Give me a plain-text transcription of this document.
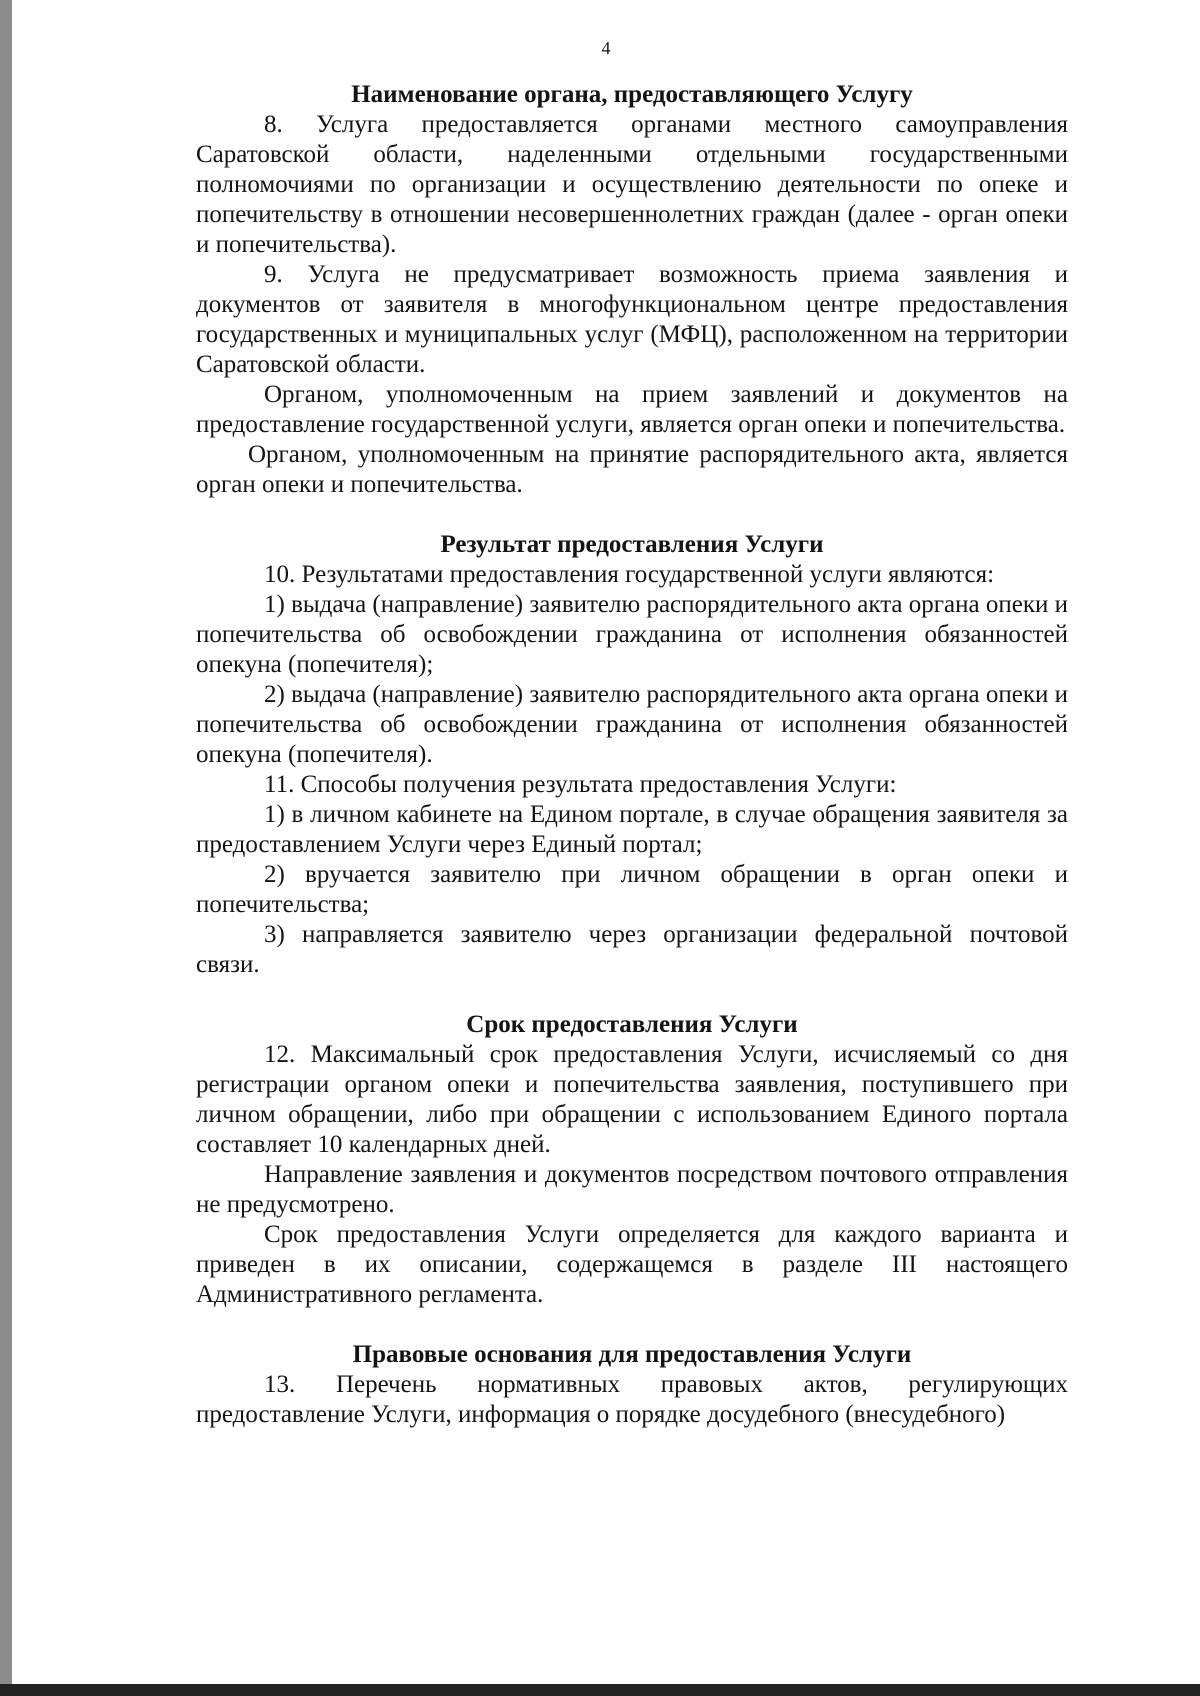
4
Наименование органа, предоставляющего Услугу

8. Услуга предоставляется органами местного самоуправления Саратовской области, наделенными отдельными государственными полномочиями по организации и осуществлению деятельности по опеке и попечительству в отношении несовершеннолетних граждан (далее - орган опеки и попечительства).

9. Услуга не предусматривает возможность приема заявления и документов от заявителя в многофункциональном центре предоставления государственных и муниципальных услуг (МФЦ), расположенном на территории Саратовской области.

Органом, уполномоченным на прием заявлений и документов на предоставление государственной услуги, является орган опеки и попечительства.

Органом, уполномоченным на принятие распорядительного акта, является орган опеки и попечительства.

Результат предоставления Услуги

10. Результатами предоставления государственной услуги являются:

1) выдача (направление) заявителю распорядительного акта органа опеки и попечительства об освобождении гражданина от исполнения обязанностей опекуна (попечителя);

2) выдача (направление) заявителю распорядительного акта органа опеки и попечительства об освобождении гражданина от исполнения обязанностей опекуна (попечителя).

11. Способы получения результата предоставления Услуги:

1) в личном кабинете на Едином портале, в случае обращения заявителя за предоставлением Услуги через Единый портал;

2) вручается заявителю при личном обращении в орган опеки и попечительства;

3) направляется заявителю через организации федеральной почтовой связи.

Срок предоставления Услуги

12. Максимальный срок предоставления Услуги, исчисляемый со дня регистрации органом опеки и попечительства заявления, поступившего при личном обращении, либо при обращении с использованием Единого портала составляет 10 календарных дней.

Направление заявления и документов посредством почтового отправления не предусмотрено.

Срок предоставления Услуги определяется для каждого варианта и приведен в их описании, содержащемся в разделе III настоящего Административного регламента.

Правовые основания для предоставления Услуги

13. Перечень нормативных правовых актов, регулирующих предоставление Услуги, информация о порядке досудебного (внесудебного)
